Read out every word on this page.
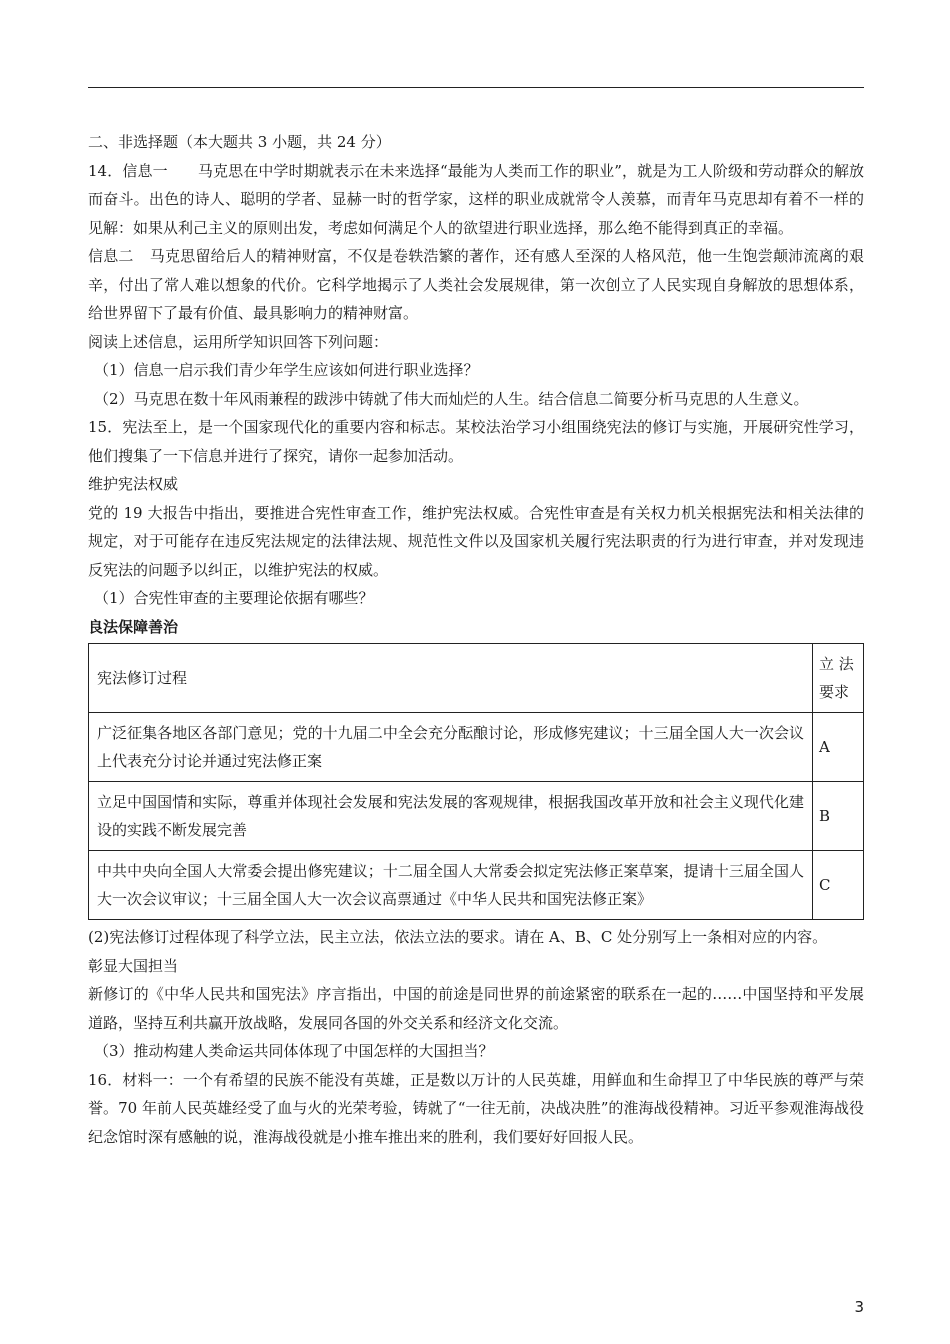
二、非选择题（本大题共 3 小题，共 24 分）

14．信息一 马克思在中学时期就表示在未来选择“最能为人类而工作的职业”，就是为工人阶级和劳动群众的解放而奋斗。出色的诗人、聪明的学者、显赫一时的哲学家，这样的职业成就常令人羡慕，而青年马克思却有着不一样的见解：如果从利己主义的原则出发，考虑如何满足个人的欲望进行职业选择，那么绝不能得到真正的幸福。

信息二 马克思留给后人的精神财富，不仅是卷轶浩繁的著作，还有感人至深的人格风范，他一生饱尝颠沛流离的艰辛，付出了常人难以想象的代价。它科学地揭示了人类社会发展规律，第一次创立了人民实现自身解放的思想体系，给世界留下了最有价值、最具影响力的精神财富。

阅读上述信息，运用所学知识回答下列问题：

（1）信息一启示我们青少年学生应该如何进行职业选择？

（2）马克思在数十年风雨兼程的跋涉中铸就了伟大而灿烂的人生。结合信息二简要分析马克思的人生意义。

15．宪法至上，是一个国家现代化的重要内容和标志。某校法治学习小组围绕宪法的修订与实施，开展研究性学习，他们搜集了一下信息并进行了探究，请你一起参加活动。

维护宪法权威

党的 19 大报告中指出，要推进合宪性审查工作，维护宪法权威。合宪性审查是有关权力机关根据宪法和相关法律的规定，对于可能存在违反宪法规定的法律法规、规范性文件以及国家机关履行宪法职责的行为进行审查，并对发现违反宪法的问题予以纠正，以维护宪法的权威。

（1）合宪性审查的主要理论依据有哪些？

良法保障善治

宪法修订过程	立 法要求
广泛征集各地区各部门意见；党的十九届二中全会充分酝酿讨论，形成修宪建议；十三届全国人大一次会议上代表充分讨论并通过宪法修正案	A
立足中国国情和实际，尊重并体现社会发展和宪法发展的客观规律，根据我国改革开放和社会主义现代化建设的实践不断发展完善	B
中共中央向全国人大常委会提出修宪建议；十二届全国人大常委会拟定宪法修正案草案，提请十三届全国人大一次会议审议；十三届全国人大一次会议高票通过《中华人民共和国宪法修正案》	C

(2)宪法修订过程体现了科学立法，民主立法，依法立法的要求。请在 A、B、C 处分别写上一条相对应的内容。

彰显大国担当

新修订的《中华人民共和国宪法》序言指出，中国的前途是同世界的前途紧密的联系在一起的……中国坚持和平发展道路，坚持互利共赢开放战略，发展同各国的外交关系和经济文化交流。

（3）推动构建人类命运共同体体现了中国怎样的大国担当？

16．材料一：一个有希望的民族不能没有英雄，正是数以万计的人民英雄，用鲜血和生命捍卫了中华民族的尊严与荣誉。70 年前人民英雄经受了血与火的光荣考验，铸就了“一往无前，决战决胜”的淮海战役精神。习近平参观淮海战役纪念馆时深有感触的说，淮海战役就是小推车推出来的胜利，我们要好好回报人民。

3
